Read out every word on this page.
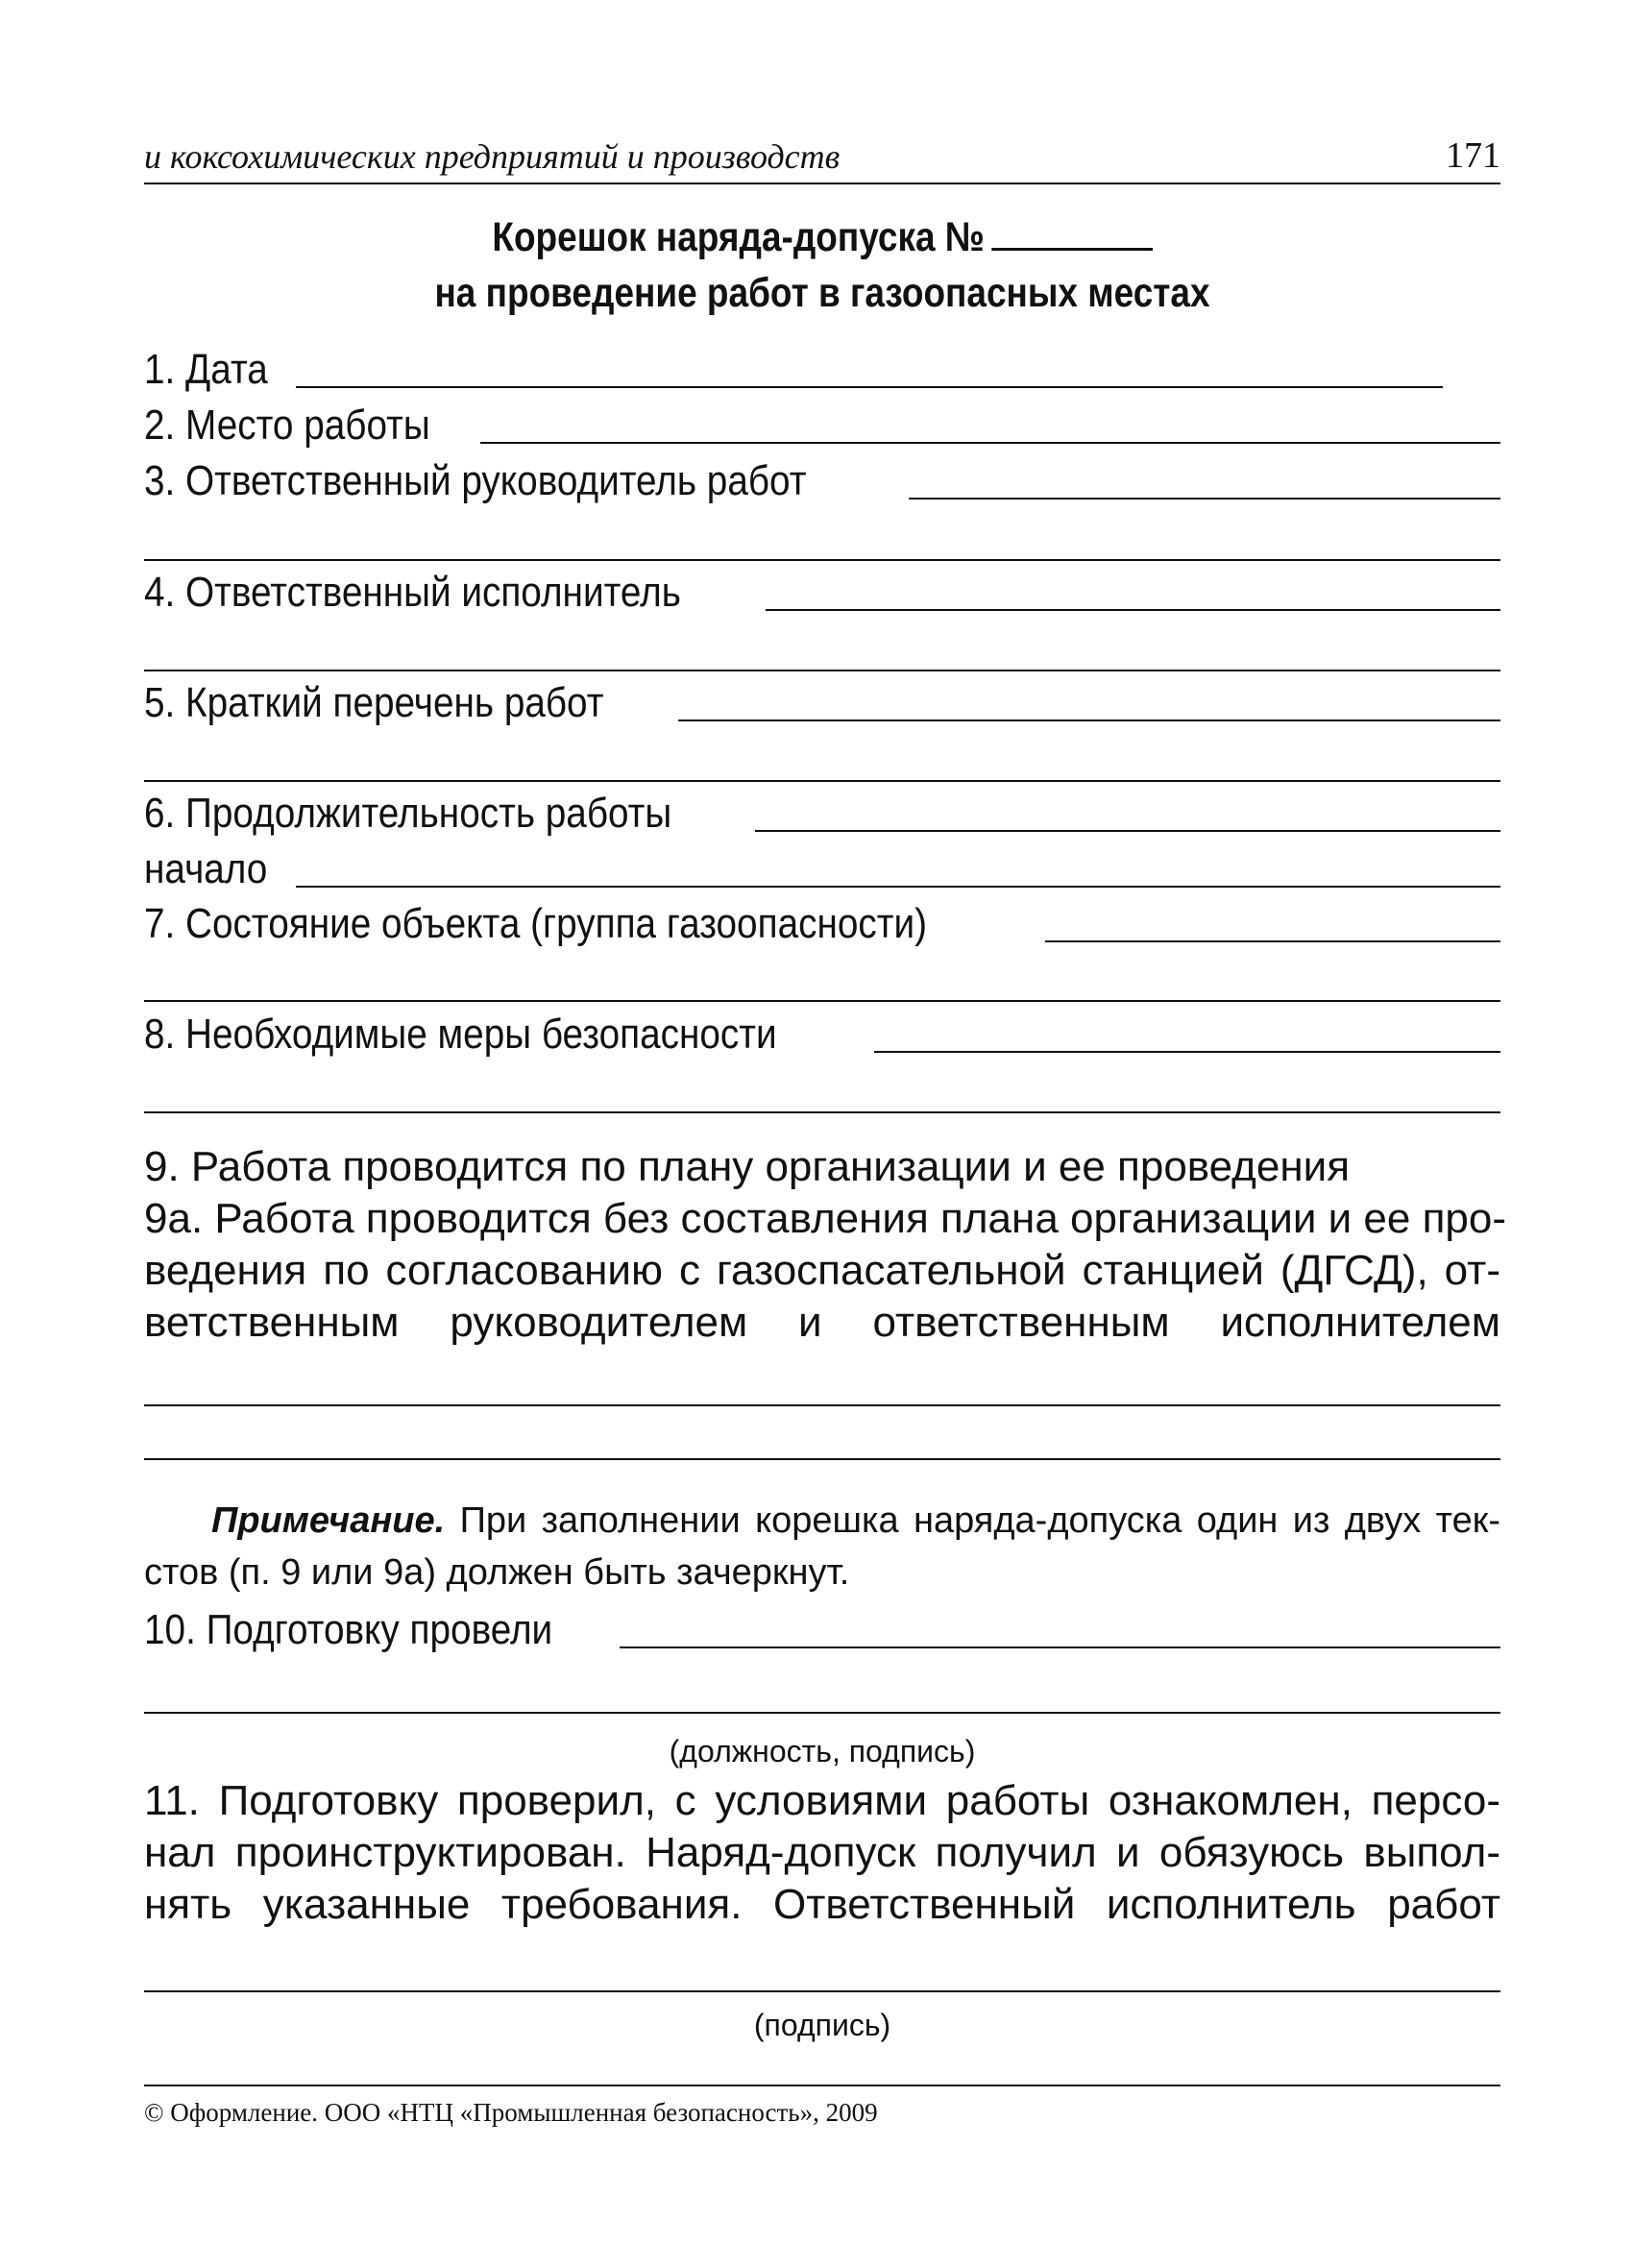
и коксохимических предприятий и производств	171
Корешок наряда-допуска №
на проведение работ в газоопасных местах
1. Дата
2. Место работы
3. Ответственный руководитель работ
4. Ответственный исполнитель
5. Краткий перечень работ
6. Продолжительность работы
начало
7. Состояние объекта (группа газоопасности)
8. Необходимые меры безопасности
9. Работа проводится по плану организации и ее проведения
9а. Работа проводится без составления плана организации и ее про-
ведения по согласованию с газоспасательной станцией (ДГСД), от-
ветственным руководителем и ответственным исполнителем
Примечание. При заполнении корешка наряда-допуска один из двух тек-
стов (п. 9 или 9а) должен быть зачеркнут.
10. Подготовку провели
(должность, подпись)
11. Подготовку проверил, с условиями работы ознакомлен, персо-
нал проинструктирован. Наряд-допуск получил и обязуюсь выпол-
нять указанные требования. Ответственный исполнитель работ
(подпись)
© Оформление. ООО «НТЦ «Промышленная безопасность», 2009
